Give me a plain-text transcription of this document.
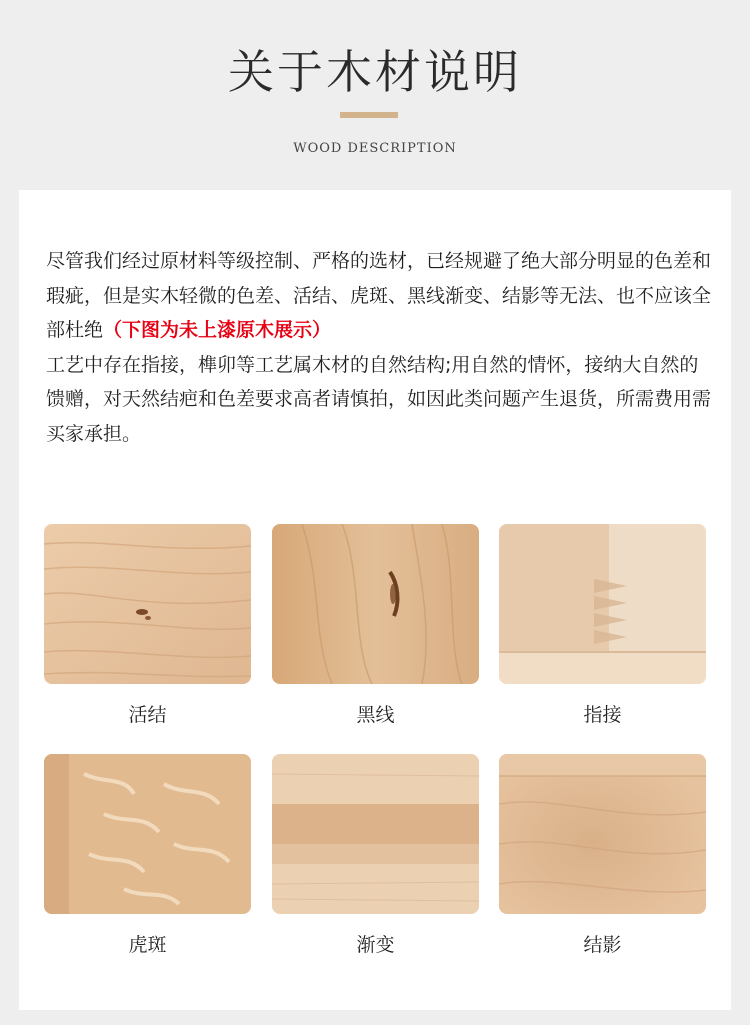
关于木材说明
WOOD DESCRIPTION
尽管我们经过原材料等级控制、严格的选材，已经规避了绝大部分明显的色差和瑕疵，但是实木轻微的色差、活结、虎斑、黑线渐变、结影等无法、也不应该全部杜绝（下图为未上漆原木展示）
工艺中存在指接，榫卯等工艺属木材的自然结构;用自然的情怀，接纳大自然的馈赠，对天然结疤和色差要求高者请慎拍，如因此类问题产生退货，所需费用需买家承担。
活结	黑线	指接
虎斑	渐变	结影
